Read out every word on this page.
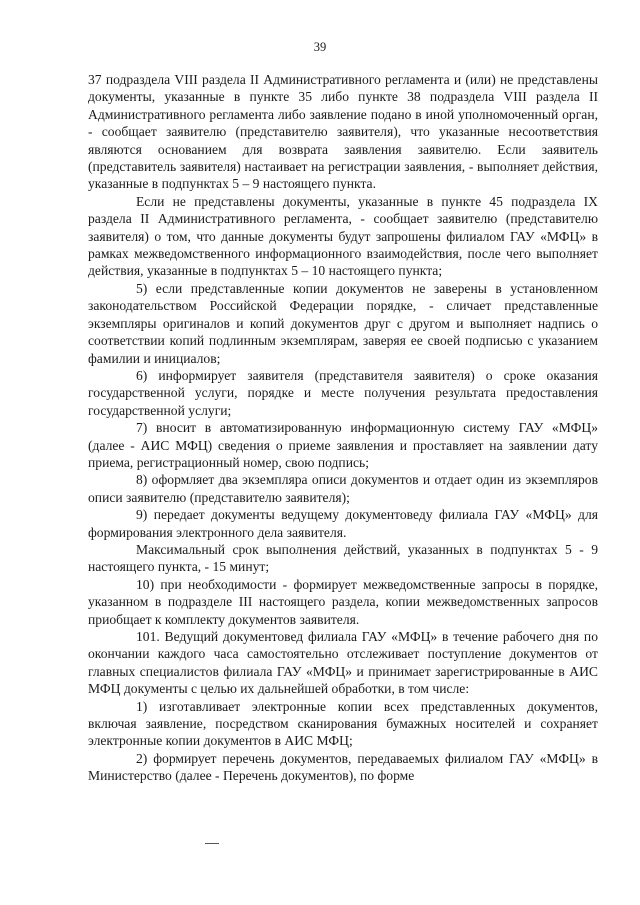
39

37 подраздела VIII раздела II Административного регламента и (или) не представлены документы, указанные в пункте 35 либо пункте 38 подраздела VIII раздела II Административного регламента либо заявление подано в иной уполномоченный орган, - сообщает заявителю (представителю заявителя), что указанные несоответствия являются основанием для возврата заявления заявителю. Если заявитель (представитель заявителя) настаивает на регистрации заявления, - выполняет действия, указанные в подпунктах 5 – 9 настоящего пункта.

Если не представлены документы, указанные в пункте 45 подраздела IX раздела II Административного регламента, - сообщает заявителю (представителю заявителя) о том, что данные документы будут запрошены филиалом ГАУ «МФЦ» в рамках межведомственного информационного взаимодействия, после чего выполняет действия, указанные в подпунктах 5 – 10 настоящего пункта;

5) если представленные копии документов не заверены в установленном законодательством Российской Федерации порядке, - сличает представленные экземпляры оригиналов и копий документов друг с другом и выполняет надпись о соответствии копий подлинным экземплярам, заверяя ее своей подписью с указанием фамилии и инициалов;

6) информирует заявителя (представителя заявителя) о сроке оказания государственной услуги, порядке и месте получения результата предоставления государственной услуги;

7) вносит в автоматизированную информационную систему ГАУ «МФЦ» (далее - АИС МФЦ) сведения о приеме заявления и проставляет на заявлении дату приема, регистрационный номер, свою подпись;

8) оформляет два экземпляра описи документов и отдает один из экземпляров описи заявителю (представителю заявителя);

9) передает документы ведущему документоведу филиала ГАУ «МФЦ» для формирования электронного дела заявителя.

Максимальный срок выполнения действий, указанных в подпунктах 5 - 9 настоящего пункта, - 15 минут;

10) при необходимости - формирует межведомственные запросы в порядке, указанном в подразделе III настоящего раздела, копии межведомственных запросов приобщает к комплекту документов заявителя.

101. Ведущий документовед филиала ГАУ «МФЦ» в течение рабочего дня по окончании каждого часа самостоятельно отслеживает поступление документов от главных специалистов филиала ГАУ «МФЦ» и принимает зарегистрированные в АИС МФЦ документы с целью их дальнейшей обработки, в том числе:

1) изготавливает электронные копии всех представленных документов, включая заявление, посредством сканирования бумажных носителей и сохраняет электронные копии документов в АИС МФЦ;

2) формирует перечень документов, передаваемых филиалом ГАУ «МФЦ» в Министерство (далее - Перечень документов), по форме
